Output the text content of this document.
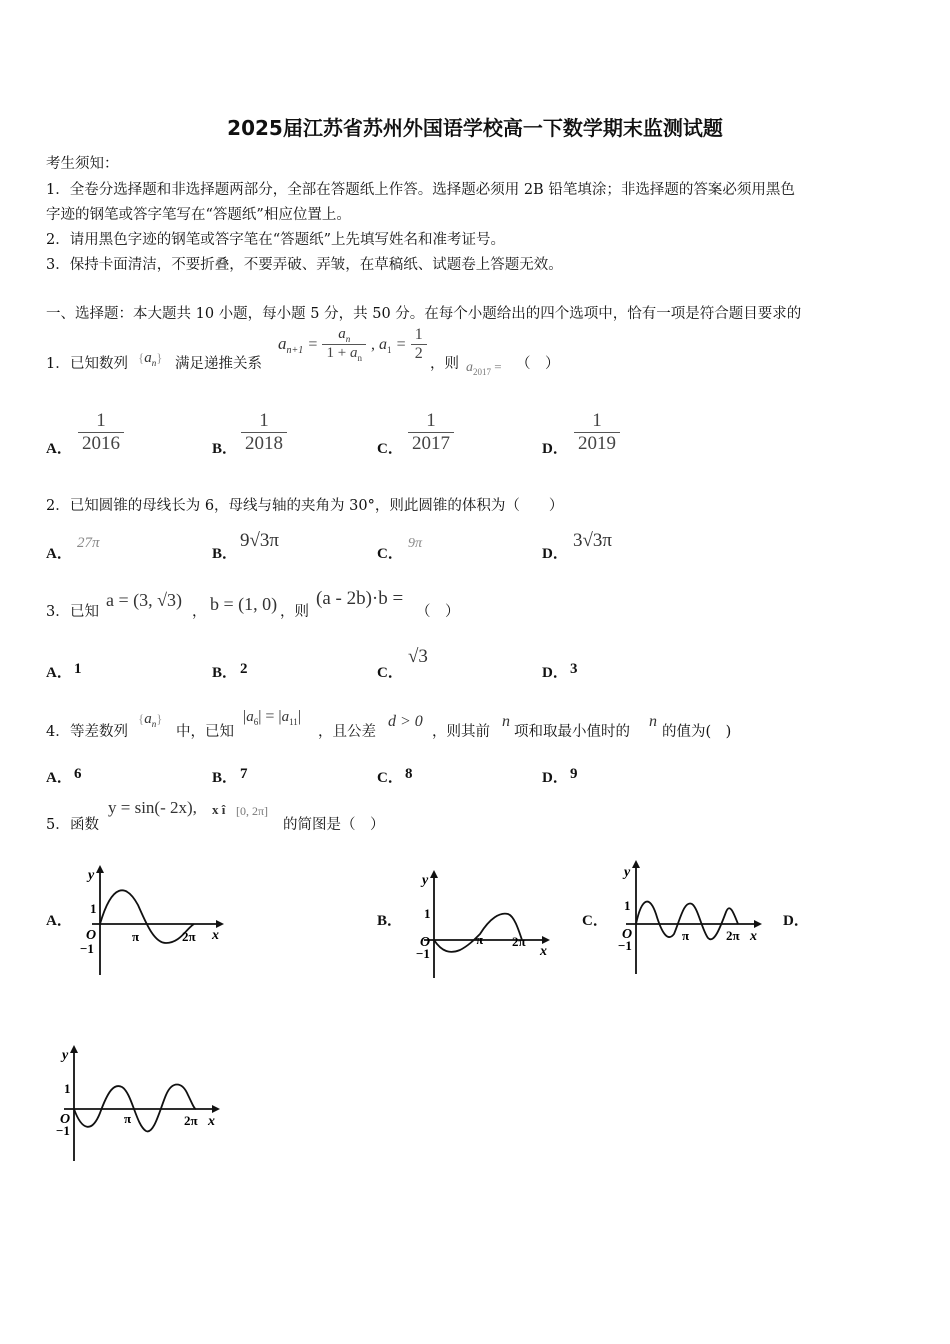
2025届江苏省苏州外国语学校高一下数学期末监测试题
考生须知：
1．全卷分选择题和非选择题两部分，全部在答题纸上作答。选择题必须用 2B 铅笔填涂；非选择题的答案必须用黑色
字迹的钢笔或答字笔写在“答题纸”相应位置上。
2．请用黑色字迹的钢笔或答字笔在“答题纸”上先填写姓名和准考证号。
3．保持卡面清洁，不要折叠，不要弄破、弄皱，在草稿纸、试题卷上答题无效。
一、选择题：本大题共 10 小题，每小题 5 分，共 50 分。在每个小题给出的四个选项中，恰有一项是符合题目要求的
1． 已知数列 $\{a_n\}$ 满足递推关系
$a_{n+1} = \frac{a_n}{1 + a_n}$ , $a_1 = \frac{1}{2}$
，则 $a_{2017}$ = （　）
A．
1
2016	B．
1
2018	C．
1
2017	D．
1
2019
2．已知圆锥的母线长为 6，母线与轴的夹角为 30°，则此圆锥的体积为（　　）
A．
27π
B．
9√3π
C．
9π
D．
3√3π
3． 已知
a = (3, √3)
， b = (1, 0) ，则
(a - 2b)·b =
（　）
A． 1	B． 2	C．
√3
D． 3
4． 等差数列
$\{a_n\}$
中，已知
$|a_6| = |a_{11}|$
，且公差
d > 0
，则其前
n
项和取最小值时的
n
的值为(　)
A． 6	B． 7	C． 8	D． 9
5． 函数
y = sin(- 2x), x î [0, 2π]
的简图是（　）
A．	B．	C．	D．
y
x
1
−1
O	π	2π
y
x
1
−1
O	π 2π
y
x
1
−1
O	π	2π
y
x
1
−1
O	π	2π
